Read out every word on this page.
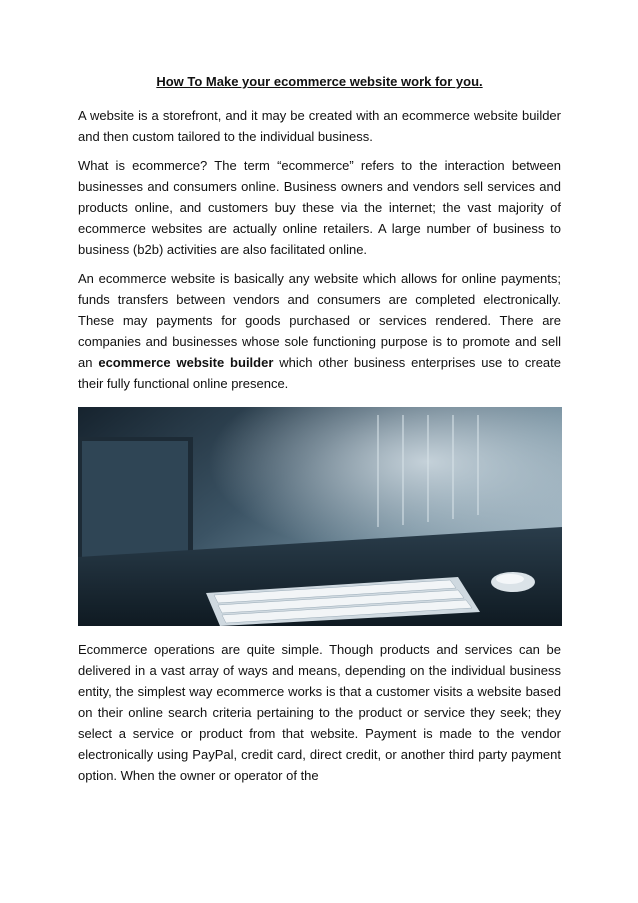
How To Make your ecommerce website work for you.

A website is a storefront, and it may be created with an ecommerce website builder and then custom tailored to the individual business.

What is ecommerce? The term “ecommerce” refers to the interaction between businesses and consumers online. Business owners and vendors sell services and products online, and customers buy these via the internet; the vast majority of ecommerce websites are actually online retailers. A large number of business to business (b2b) activities are also facilitated online.

An ecommerce website is basically any website which allows for online payments; funds transfers between vendors and consumers are completed electronically. These may payments for goods purchased or services rendered. There are companies and businesses whose sole functioning purpose is to promote and sell an ecommerce website builder which other business enterprises use to create their fully functional online presence.

Ecommerce operations are quite simple. Though products and services can be delivered in a vast array of ways and means, depending on the individual business entity, the simplest way ecommerce works is that a customer visits a website based on their online search criteria pertaining to the product or service they seek; they select a service or product from that website. Payment is made to the vendor electronically using PayPal, credit card, direct credit, or another third party payment option. When the owner or operator of the
